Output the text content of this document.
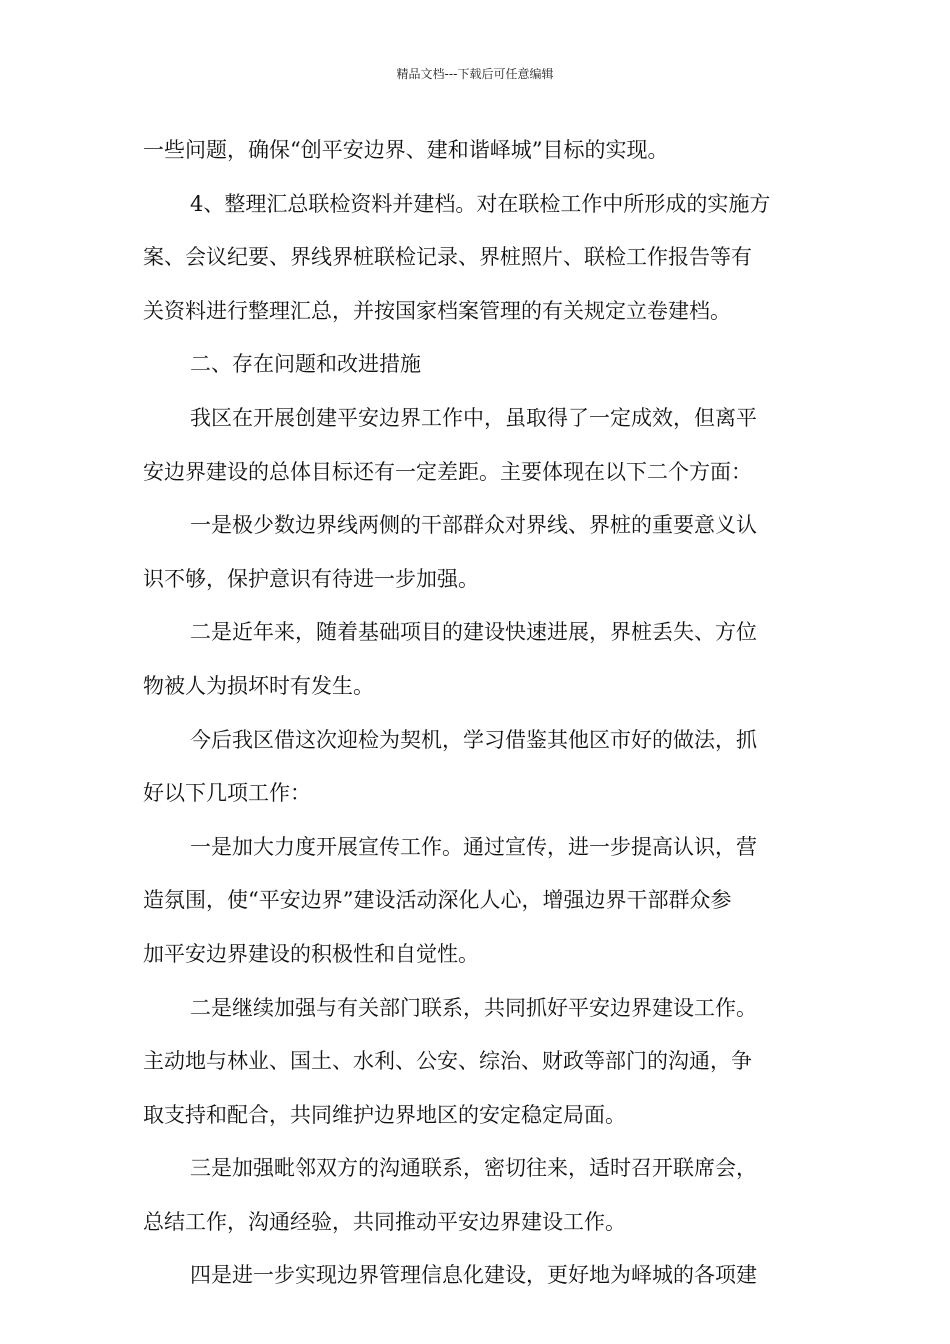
精品文档---下载后可任意编辑
一些问题，确保“创平安边界、建和谐峄城”目标的实现。
4、整理汇总联检资料并建档。对在联检工作中所形成的实施方
案、会议纪要、界线界桩联检记录、界桩照片、联检工作报告等有
关资料进行整理汇总，并按国家档案管理的有关规定立卷建档。
二、存在问题和改进措施
我区在开展创建平安边界工作中，虽取得了一定成效，但离平
安边界建设的总体目标还有一定差距。主要体现在以下二个方面：
一是极少数边界线两侧的干部群众对界线、界桩的重要意义认
识不够，保护意识有待进一步加强。
二是近年来，随着基础项目的建设快速进展，界桩丢失、方位
物被人为损坏时有发生。
今后我区借这次迎检为契机，学习借鉴其他区市好的做法，抓
好以下几项工作：
一是加大力度开展宣传工作。通过宣传，进一步提高认识，营
造氛围，使“平安边界”建设活动深化人心，增强边界干部群众参
加平安边界建设的积极性和自觉性。
二是继续加强与有关部门联系，共同抓好平安边界建设工作。
主动地与林业、国土、水利、公安、综治、财政等部门的沟通，争
取支持和配合，共同维护边界地区的安定稳定局面。
三是加强毗邻双方的沟通联系，密切往来，适时召开联席会，
总结工作，沟通经验，共同推动平安边界建设工作。
四是进一步实现边界管理信息化建设，更好地为峄城的各项建
